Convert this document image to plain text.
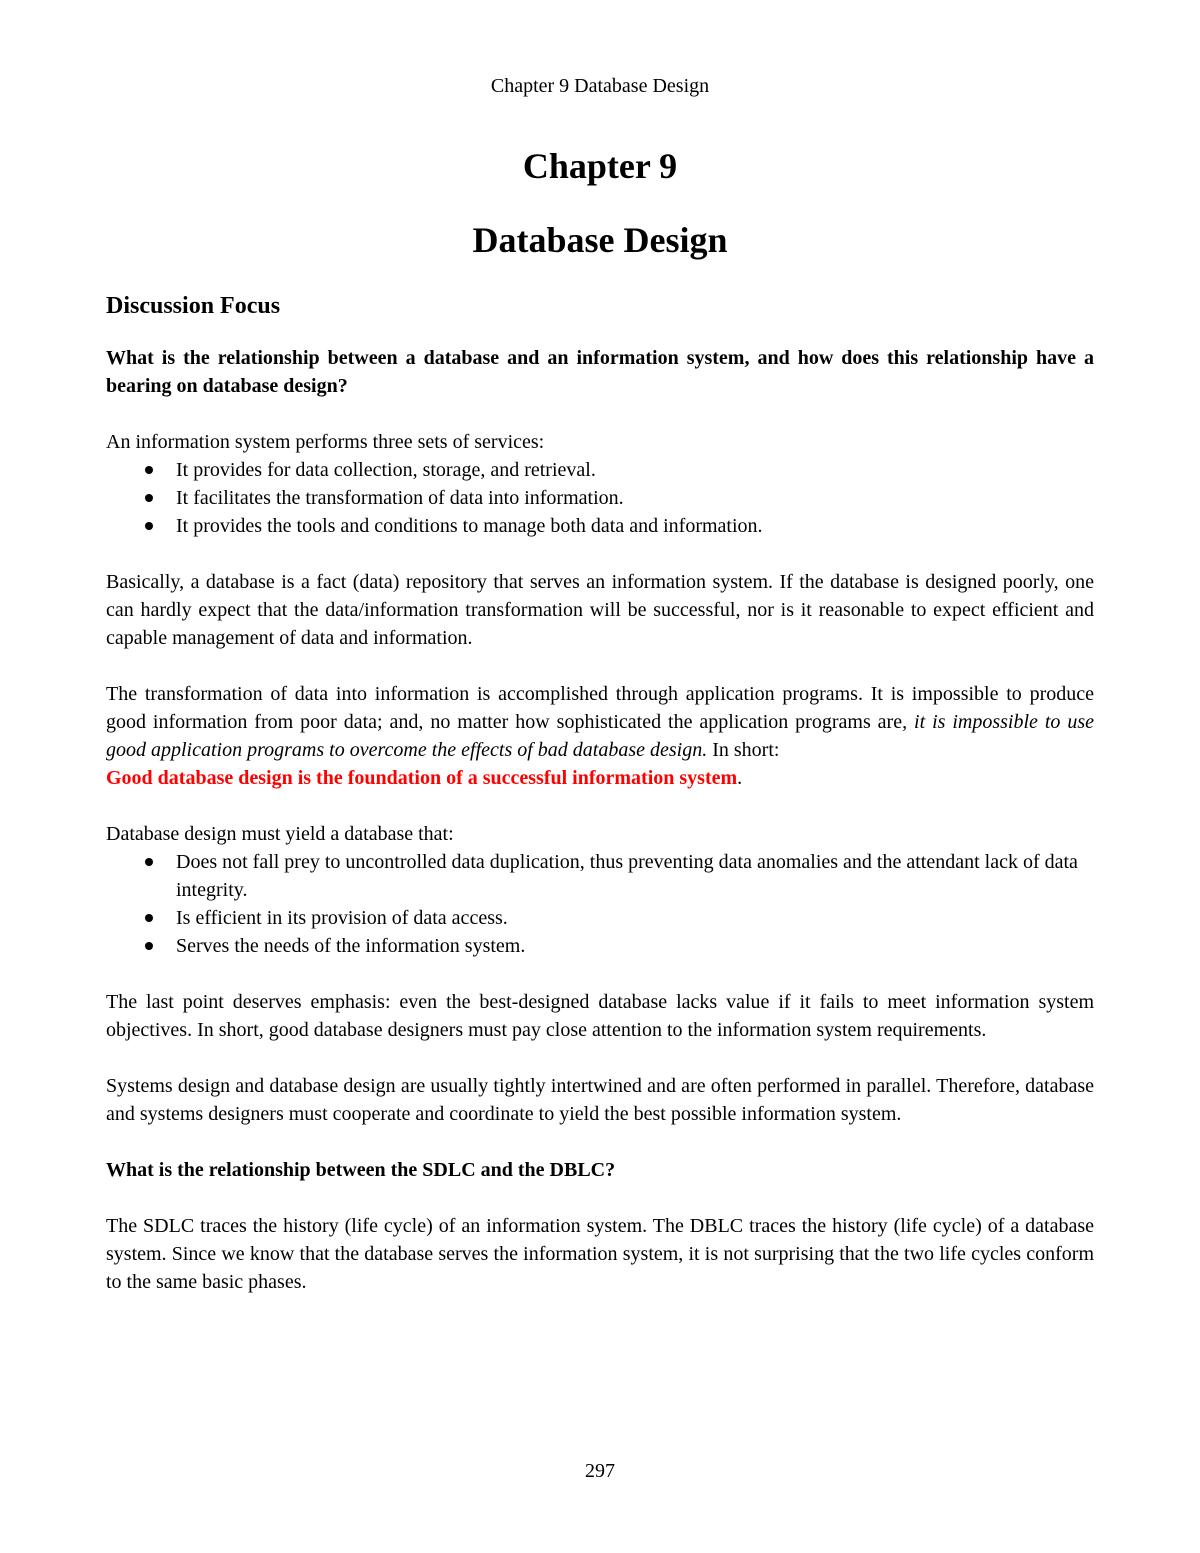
Chapter 9 Database Design
Chapter 9
Database Design
Discussion Focus
What is the relationship between a database and an information system, and how does this relationship have a bearing on database design?

An information system performs three sets of services:

It provides for data collection, storage, and retrieval.
It facilitates the transformation of data into information.
It provides the tools and conditions to manage both data and information.

Basically, a database is a fact (data) repository that serves an information system. If the database is designed poorly, one can hardly expect that the data/information transformation will be successful, nor is it reasonable to expect efficient and capable management of data and information.

The transformation of data into information is accomplished through application programs. It is impossible to produce good information from poor data; and, no matter how sophisticated the application programs are, it is impossible to use good application programs to overcome the effects of bad database design. In short:
Good database design is the foundation of a successful information system.

Database design must yield a database that:

Does not fall prey to uncontrolled data duplication, thus preventing data anomalies and the attendant lack of data integrity.
Is efficient in its provision of data access.
Serves the needs of the information system.

The last point deserves emphasis: even the best-designed database lacks value if it fails to meet information system objectives. In short, good database designers must pay close attention to the information system requirements.

Systems design and database design are usually tightly intertwined and are often performed in parallel. Therefore, database and systems designers must cooperate and coordinate to yield the best possible information system.

What is the relationship between the SDLC and the DBLC?

The SDLC traces the history (life cycle) of an information system. The DBLC traces the history (life cycle) of a database system. Since we know that the database serves the information system, it is not surprising that the two life cycles conform to the same basic phases.

297
